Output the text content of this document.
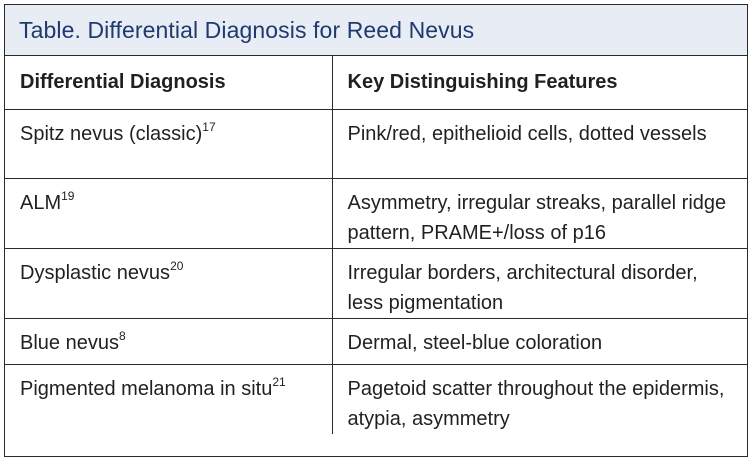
Table. Differential Diagnosis for Reed Nevus
Differential Diagnosis	Key Distinguishing Features
Spitz nevus (classic)$^{17}$	Pink/red, epithelioid cells, dotted vessels
ALM$^{19}$	Asymmetry, irregular streaks, parallel ridge pattern, PRAME+/loss of p16
Dysplastic nevus$^{20}$	Irregular borders, architectural disorder, less pigmentation
Blue nevus$^8$	Dermal, steel-blue coloration
Pigmented melanoma in situ$^{21}$	Pagetoid scatter throughout the epidermis, atypia, asymmetry
